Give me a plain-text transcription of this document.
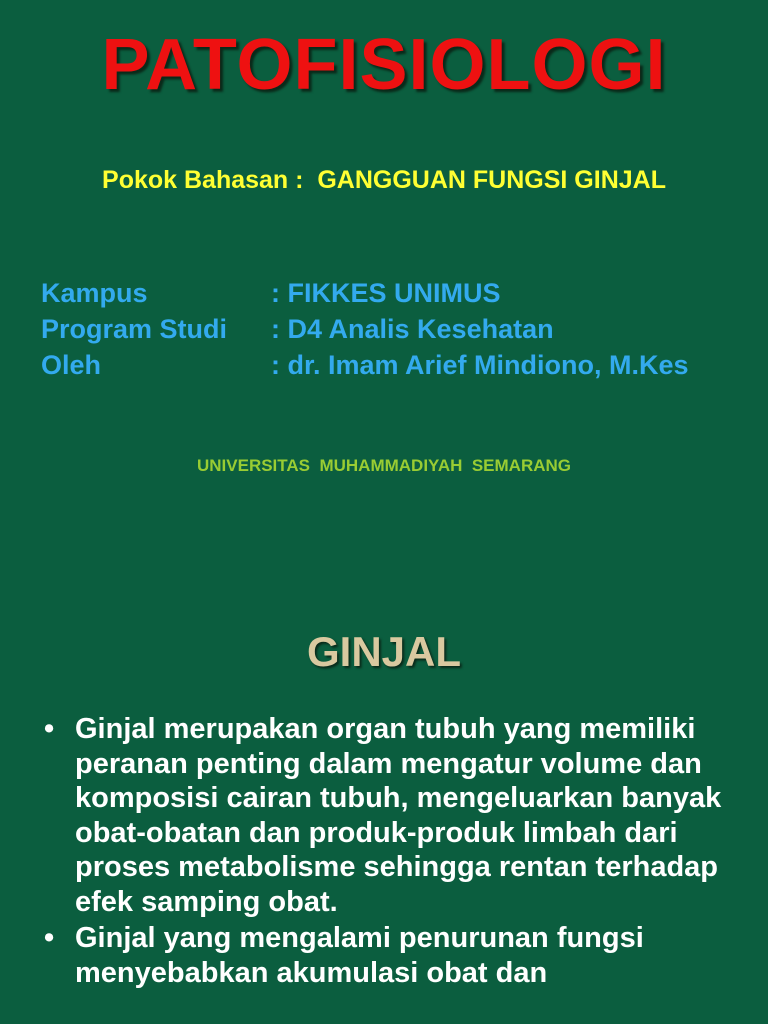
PATOFISIOLOGI

Pokok Bahasan :  GANGGUAN FUNGSI GINJAL

Kampus	: FIKKES UNIMUS
Program Studi	: D4 Analis Kesehatan
Oleh	: dr. Imam Arief Mindiono, M.Kes

UNIVERSITAS  MUHAMMADIYAH  SEMARANG

GINJAL
• Ginjal merupakan organ tubuh yang memiliki peranan penting dalam mengatur volume dan komposisi cairan tubuh, mengeluarkan banyak obat-obatan dan produk-produk limbah dari proses metabolisme sehingga rentan terhadap efek samping obat.
• Ginjal yang mengalami penurunan fungsi menyebabkan akumulasi obat dan
